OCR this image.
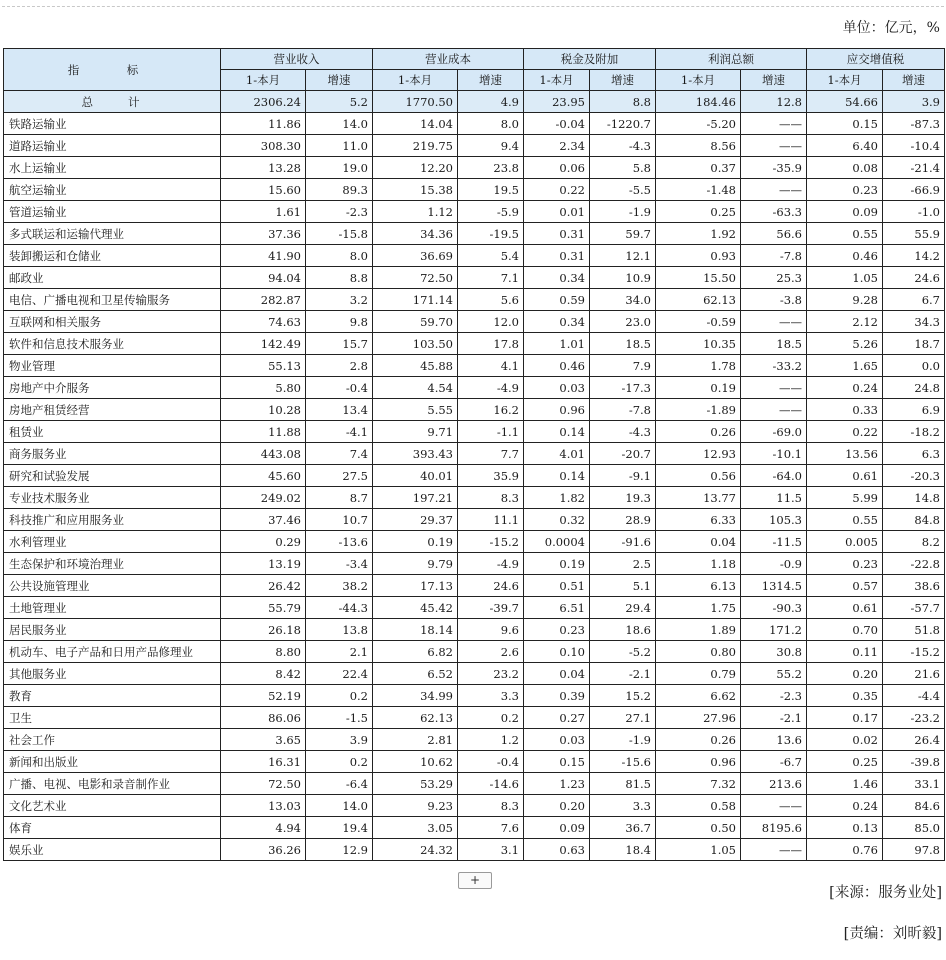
单位：亿元，%
指　标	营业收入		营业成本		税金及附加		利润总额		应交增值税	
	1-本月	增速	1-本月	增速	1-本月	增速	1-本月	增速	1-本月	增速
总　　计	2306.24	5.2	1770.50	4.9	23.95	8.8	184.46	12.8	54.66	3.9
铁路运输业	11.86	14.0	14.04	8.0	-0.04	-1220.7	-5.20	——	0.15	-87.3
道路运输业	308.30	11.0	219.75	9.4	2.34	-4.3	8.56	——	6.40	-10.4
水上运输业	13.28	19.0	12.20	23.8	0.06	5.8	0.37	-35.9	0.08	-21.4
航空运输业	15.60	89.3	15.38	19.5	0.22	-5.5	-1.48	——	0.23	-66.9
管道运输业	1.61	-2.3	1.12	-5.9	0.01	-1.9	0.25	-63.3	0.09	-1.0
多式联运和运输代理业	37.36	-15.8	34.36	-19.5	0.31	59.7	1.92	56.6	0.55	55.9
装卸搬运和仓储业	41.90	8.0	36.69	5.4	0.31	12.1	0.93	-7.8	0.46	14.2
邮政业	94.04	8.8	72.50	7.1	0.34	10.9	15.50	25.3	1.05	24.6
电信、广播电视和卫星传输服务	282.87	3.2	171.14	5.6	0.59	34.0	62.13	-3.8	9.28	6.7
互联网和相关服务	74.63	9.8	59.70	12.0	0.34	23.0	-0.59	——	2.12	34.3
软件和信息技术服务业	142.49	15.7	103.50	17.8	1.01	18.5	10.35	18.5	5.26	18.7
物业管理	55.13	2.8	45.88	4.1	0.46	7.9	1.78	-33.2	1.65	0.0
房地产中介服务	5.80	-0.4	4.54	-4.9	0.03	-17.3	0.19	——	0.24	24.8
房地产租赁经营	10.28	13.4	5.55	16.2	0.96	-7.8	-1.89	——	0.33	6.9
租赁业	11.88	-4.1	9.71	-1.1	0.14	-4.3	0.26	-69.0	0.22	-18.2
商务服务业	443.08	7.4	393.43	7.7	4.01	-20.7	12.93	-10.1	13.56	6.3
研究和试验发展	45.60	27.5	40.01	35.9	0.14	-9.1	0.56	-64.0	0.61	-20.3
专业技术服务业	249.02	8.7	197.21	8.3	1.82	19.3	13.77	11.5	5.99	14.8
科技推广和应用服务业	37.46	10.7	29.37	11.1	0.32	28.9	6.33	105.3	0.55	84.8
水利管理业	0.29	-13.6	0.19	-15.2	0.0004	-91.6	0.04	-11.5	0.005	8.2
生态保护和环境治理业	13.19	-3.4	9.79	-4.9	0.19	2.5	1.18	-0.9	0.23	-22.8
公共设施管理业	26.42	38.2	17.13	24.6	0.51	5.1	6.13	1314.5	0.57	38.6
土地管理业	55.79	-44.3	45.42	-39.7	6.51	29.4	1.75	-90.3	0.61	-57.7
居民服务业	26.18	13.8	18.14	9.6	0.23	18.6	1.89	171.2	0.70	51.8
机动车、电子产品和日用产品修理业	8.80	2.1	6.82	2.6	0.10	-5.2	0.80	30.8	0.11	-15.2
其他服务业	8.42	22.4	6.52	23.2	0.04	-2.1	0.79	55.2	0.20	21.6
教育	52.19	0.2	34.99	3.3	0.39	15.2	6.62	-2.3	0.35	-4.4
卫生	86.06	-1.5	62.13	0.2	0.27	27.1	27.96	-2.1	0.17	-23.2
社会工作	3.65	3.9	2.81	1.2	0.03	-1.9	0.26	13.6	0.02	26.4
新闻和出版业	16.31	0.2	10.62	-0.4	0.15	-15.6	0.96	-6.7	0.25	-39.8
广播、电视、电影和录音制作业	72.50	-6.4	53.29	-14.6	1.23	81.5	7.32	213.6	1.46	33.1
文化艺术业	13.03	14.0	9.23	8.3	0.20	3.3	0.58	——	0.24	84.6
体育	4.94	19.4	3.05	7.6	0.09	36.7	0.50	8195.6	0.13	85.0
娱乐业	36.26	12.9	24.32	3.1	0.63	18.4	1.05	——	0.76	97.8
+
[来源：服务业处]
[责编：刘昕毅]
